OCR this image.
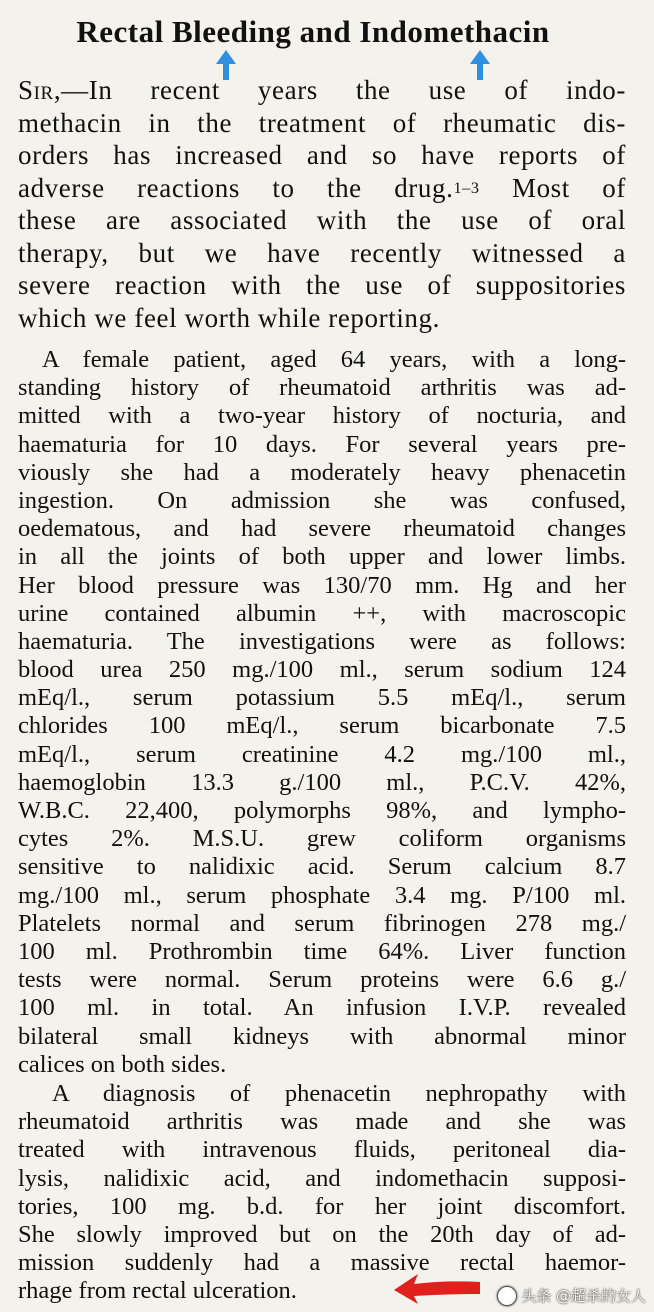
Rectal Bleeding and Indomethacin
Sir,—In recent years the use of indo-
methacin in the treatment of rheumatic dis-
orders has increased and so have reports of
adverse reactions to the drug.$^{1-3}$ Most of
these are associated with the use of oral
therapy, but we have recently witnessed a
severe reaction with the use of suppositories
which we feel worth while reporting.
A female patient, aged 64 years, with a long-
standing history of rheumatoid arthritis was ad-
mitted with a two-year history of nocturia, and
haematuria for 10 days. For several years pre-
viously she had a moderately heavy phenacetin
ingestion. On admission she was confused,
oedematous, and had severe rheumatoid changes
in all the joints of both upper and lower limbs.
Her blood pressure was 130/70 mm. Hg and her
urine contained albumin ++, with macroscopic
haematuria. The investigations were as follows:
blood urea 250 mg./100 ml., serum sodium 124
mEq/l., serum potassium 5.5 mEq/l., serum
chlorides 100 mEq/l., serum bicarbonate 7.5
mEq/l., serum creatinine 4.2 mg./100 ml.,
haemoglobin 13.3 g./100 ml., P.C.V. 42%,
W.B.C. 22,400, polymorphs 98%, and lympho-
cytes 2%. M.S.U. grew coliform organisms
sensitive to nalidixic acid. Serum calcium 8.7
mg./100 ml., serum phosphate 3.4 mg. P/100 ml.
Platelets normal and serum fibrinogen 278 mg./
100 ml. Prothrombin time 64%. Liver function
tests were normal. Serum proteins were 6.6 g./
100 ml. in total. An infusion I.V.P. revealed
bilateral small kidneys with abnormal minor
calices on both sides.
A diagnosis of phenacetin nephropathy with
rheumatoid arthritis was made and she was
treated with intravenous fluids, peritoneal dia-
lysis, nalidixic acid, and indomethacin supposi-
tories, 100 mg. b.d. for her joint discomfort.
She slowly improved but on the 20th day of ad-
mission suddenly had a massive rectal haemor-
rhage from rectal ulceration.	头条 @超杀的女人
